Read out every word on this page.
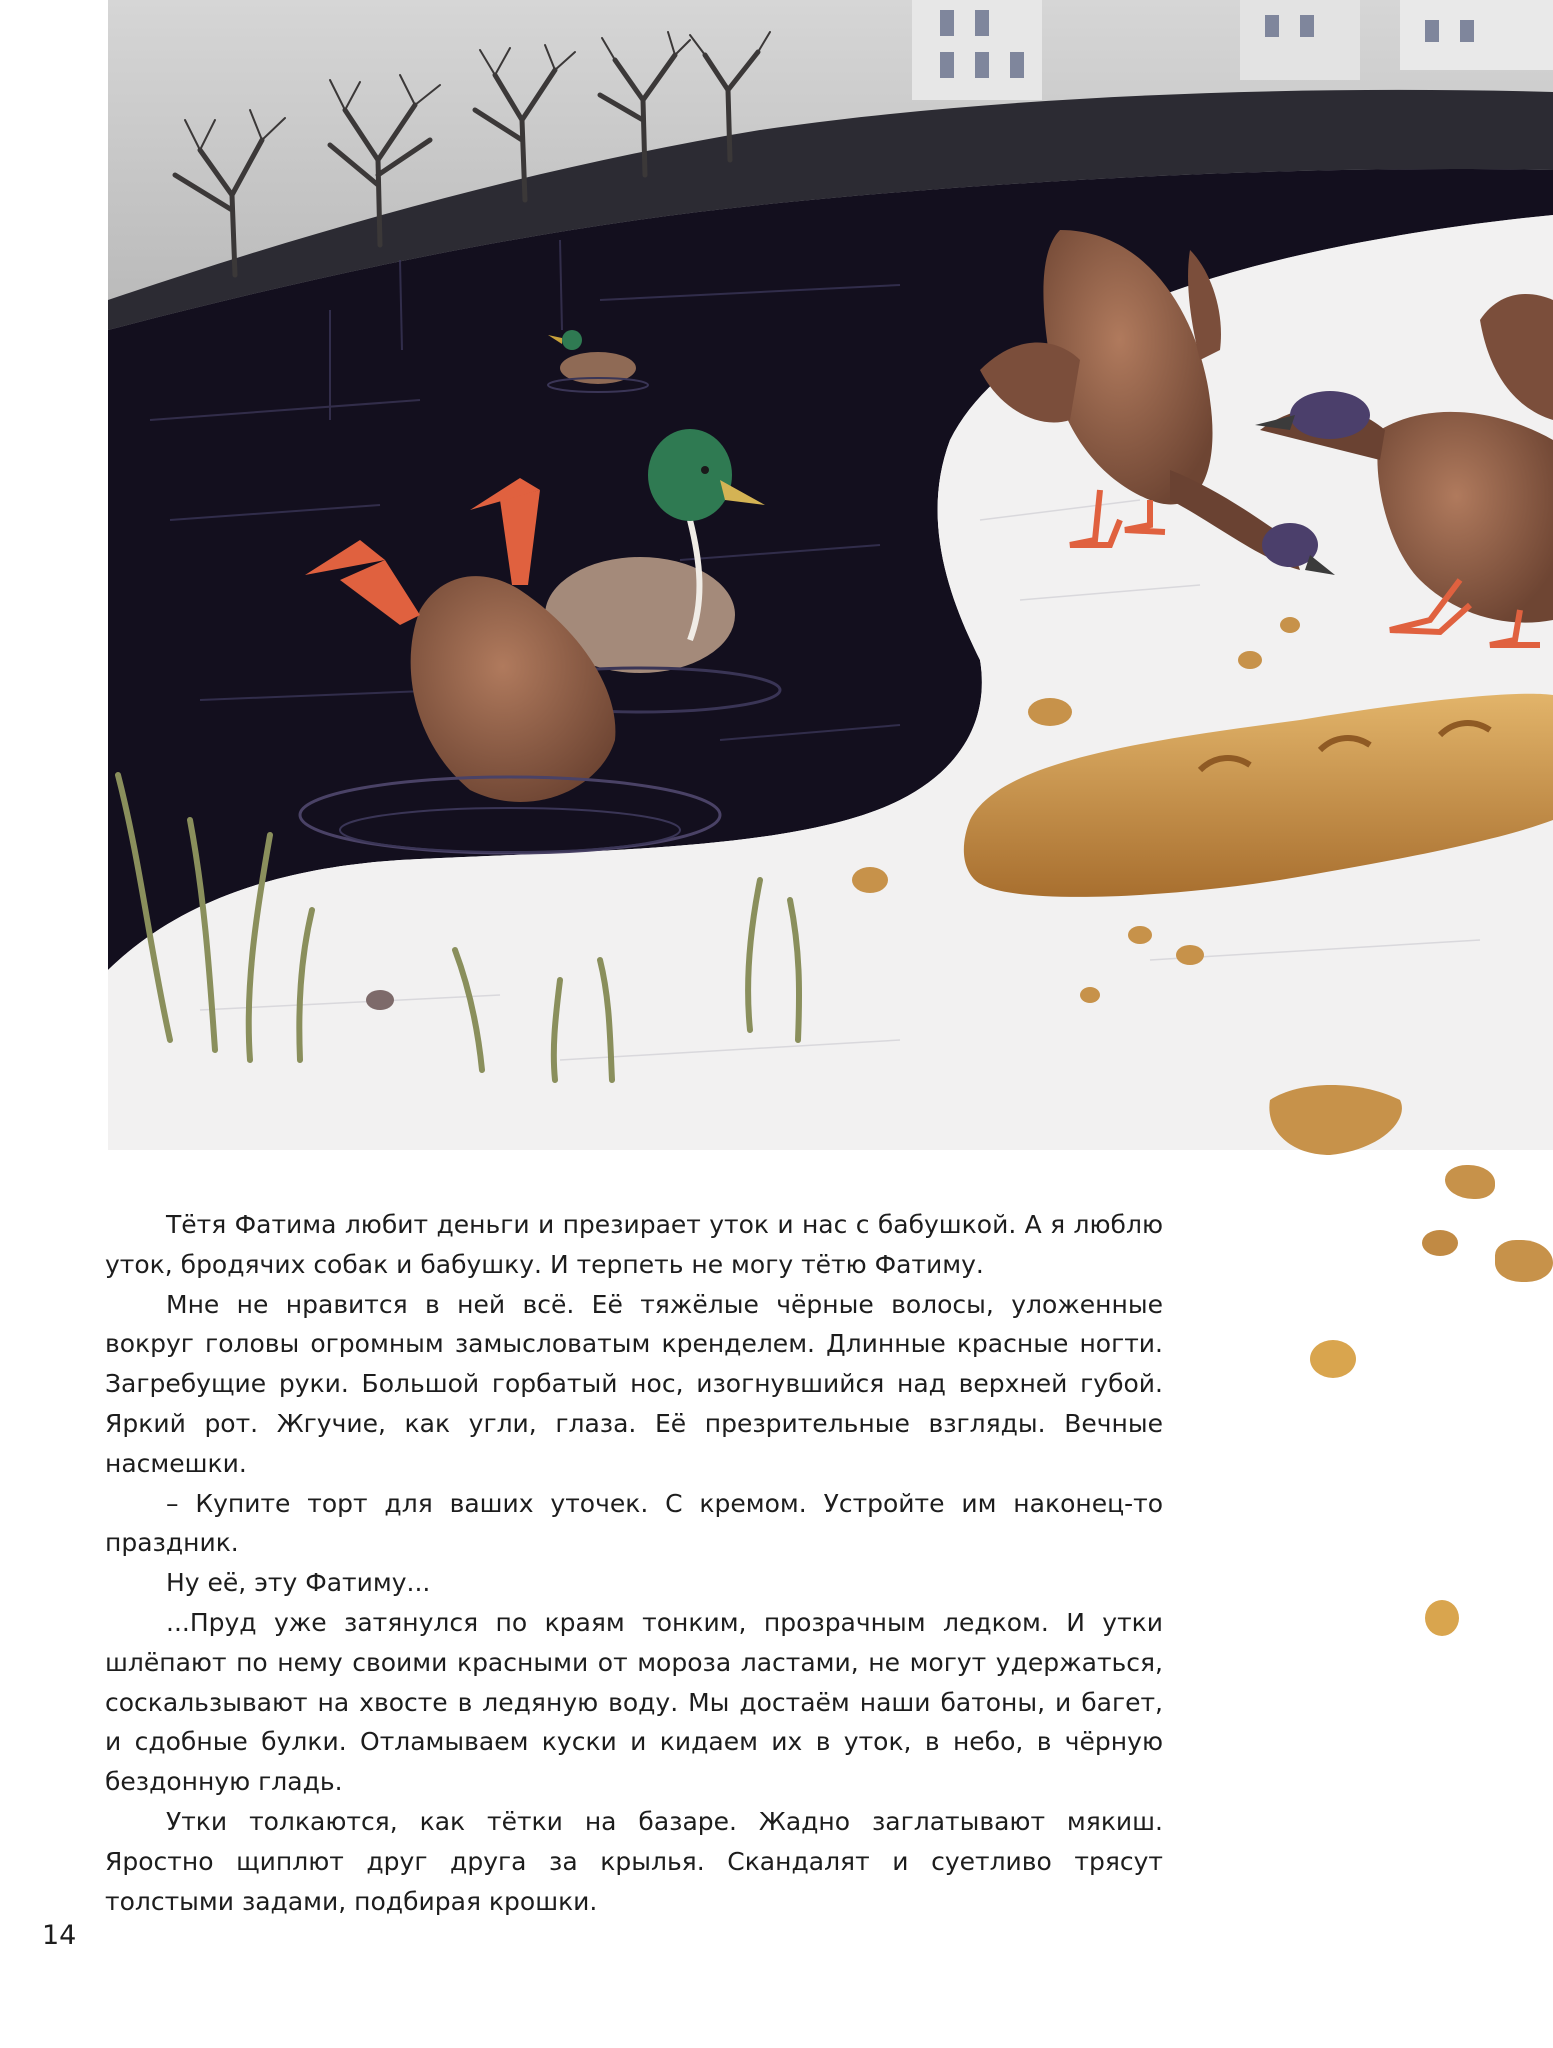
Тётя Фатима любит деньги и презирает уток и нас с бабушкой. А я люблю уток, бродячих собак и бабушку. И терпеть не могу тётю Фатиму.

Мне не нравится в ней всё. Её тяжёлые чёрные волосы, уложенные вокруг головы огромным замысловатым кренделем. Длинные красные ногти. Загребущие руки. Большой горбатый нос, изогнувшийся над верхней губой. Яркий рот. Жгучие, как угли, глаза. Её презрительные взгляды. Вечные насмешки.

– Купите торт для ваших уточек. С кремом. Устройте им наконец-то праздник.

Ну её, эту Фатиму...

...Пруд уже затянулся по краям тонким, прозрачным ледком. И утки шлёпают по нему своими красными от мороза ластами, не могут удержаться, соскальзывают на хвосте в ледяную воду. Мы достаём наши батоны, и багет, и сдобные булки. Отламываем куски и кидаем их в уток, в небо, в чёрную бездонную гладь.

Утки толкаются, как тётки на базаре. Жадно заглатывают мякиш. Яростно щиплют друг друга за крылья. Скандалят и суетливо трясут толстыми задами, подбирая крошки.

14
